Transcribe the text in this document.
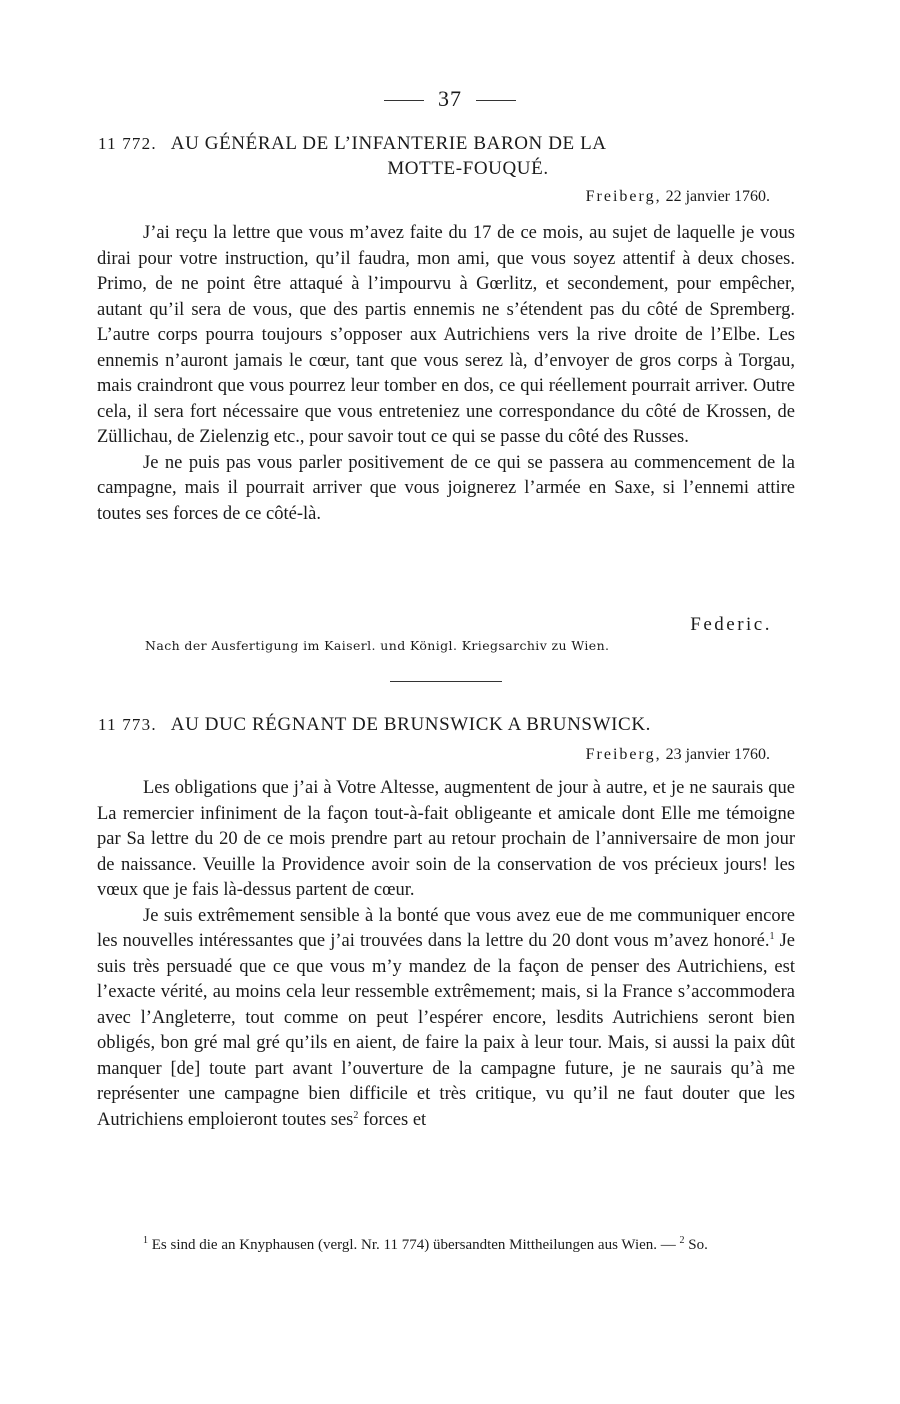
37
11 772. AU GÉNÉRAL DE L’INFANTERIE BARON DE LA
MOTTE-FOUQUÉ.
Freiberg, 22 janvier 1760.

J’ai reçu la lettre que vous m’avez faite du 17 de ce mois, au sujet de laquelle je vous dirai pour votre instruction, qu’il faudra, mon ami, que vous soyez attentif à deux choses. Primo, de ne point être attaqué à l’impourvu à Gœrlitz, et secondement, pour empêcher, autant qu’il sera de vous, que des partis ennemis ne s’étendent pas du côté de Spremberg. L’autre corps pourra toujours s’opposer aux Autrichiens vers la rive droite de l’Elbe. Les ennemis n’auront jamais le cœur, tant que vous serez là, d’envoyer de gros corps à Torgau, mais craindront que vous pourrez leur tomber en dos, ce qui réellement pourrait arriver. Outre cela, il sera fort nécessaire que vous entreteniez une correspondance du côté de Krossen, de Züllichau, de Zielenzig etc., pour savoir tout ce qui se passe du côté des Russes.

Je ne puis pas vous parler positivement de ce qui se passera au commencement de la campagne, mais il pourrait arriver que vous joignerez l’armée en Saxe, si l’ennemi attire toutes ses forces de ce côté-là.

Federic.
Nach der Ausfertigung im Kaiserl. und Königl. Kriegsarchiv zu Wien.
11 773. AU DUC RÉGNANT DE BRUNSWICK A BRUNSWICK.
Freiberg, 23 janvier 1760.

Les obligations que j’ai à Votre Altesse, augmentent de jour à autre, et je ne saurais que La remercier infiniment de la façon tout-à-fait obligeante et amicale dont Elle me témoigne par Sa lettre du 20 de ce mois prendre part au retour prochain de l’anniversaire de mon jour de naissance. Veuille la Providence avoir soin de la conservation de vos précieux jours! les vœux que je fais là-dessus partent de cœur.

Je suis extrêmement sensible à la bonté que vous avez eue de me communiquer encore les nouvelles intéressantes que j’ai trouvées dans la lettre du 20 dont vous m’avez honoré.$^1$ Je suis très persuadé que ce que vous m’y mandez de la façon de penser des Autrichiens, est l’exacte vérité, au moins cela leur ressemble extrêmement; mais, si la France s’accommodera avec l’Angleterre, tout comme on peut l’espérer encore, lesdits Autrichiens seront bien obligés, bon gré mal gré qu’ils en aient, de faire la paix à leur tour. Mais, si aussi la paix dût manquer [de] toute part avant l’ouverture de la campagne future, je ne saurais qu’à me représenter une campagne bien difficile et très critique, vu qu’il ne faut douter que les Autrichiens emploieront toutes ses$^2$ forces et

$^1$ Es sind die an Knyphausen (vergl. Nr. 11 774) übersandten Mittheilungen aus Wien. — $^2$ So.
